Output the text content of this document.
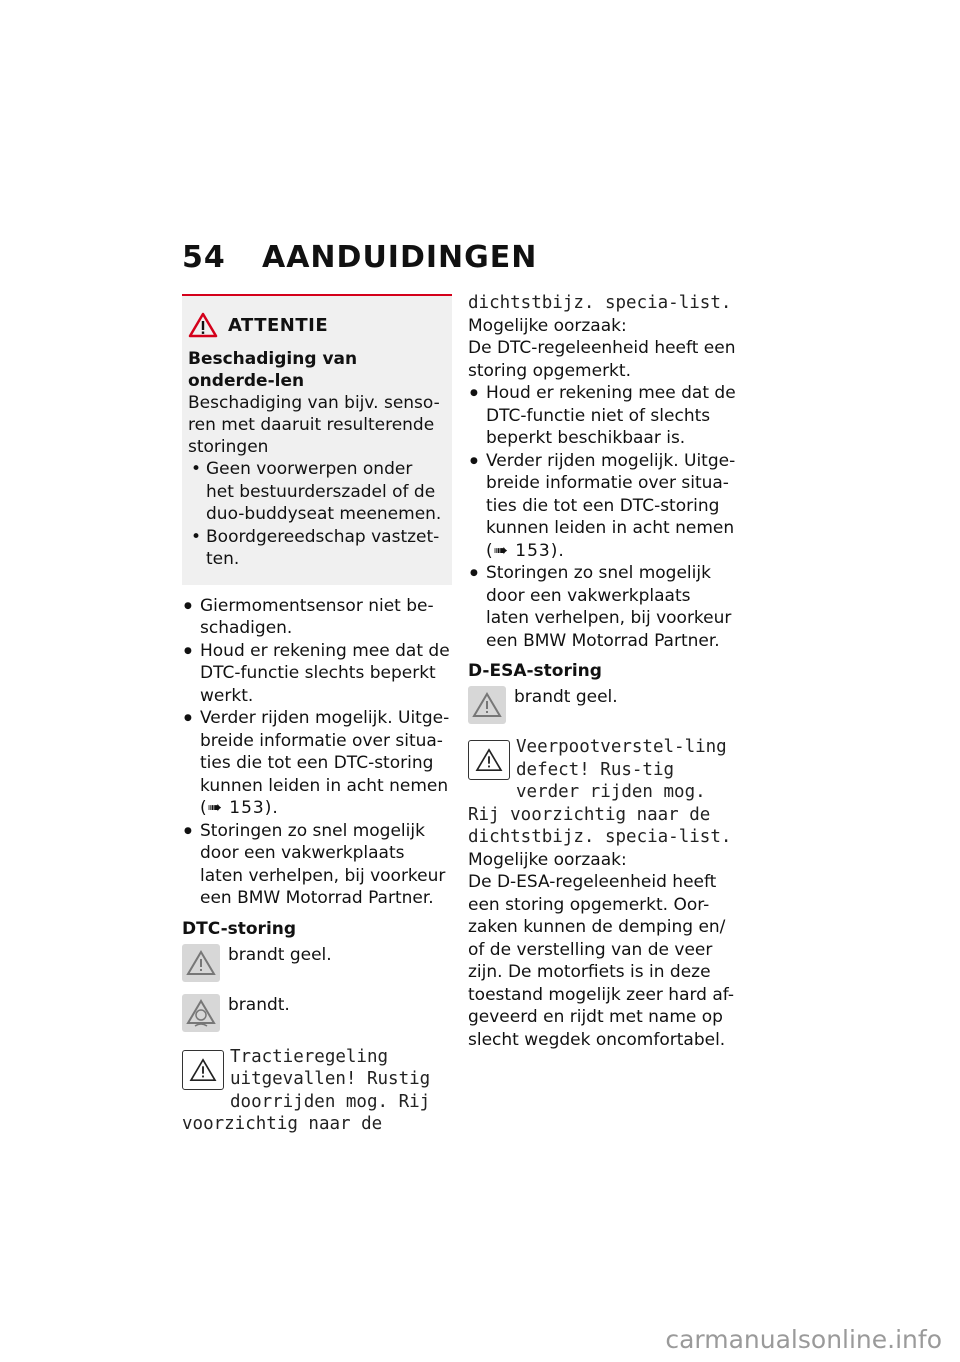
54 AANDUIDINGEN
ATTENTIE
Beschadiging van onderde-len
Beschadiging van bijv. senso-ren met daaruit resulterende storingen
• Geen voorwerpen onder het bestuurderszadel of de duo-buddyseat meenemen.
• Boordgereedschap vastzet-ten.
● Giermomentsensor niet be-schadigen.
● Houd er rekening mee dat de DTC-functie slechts beperkt werkt.
● Verder rijden mogelijk. Uitge-breide informatie over situa-ties die tot een DTC-storing kunnen leiden in acht nemen
(➠ 153).
● Storingen zo snel mogelijk door een vakwerkplaats laten verhelpen, bij voorkeur een BMW Motorrad Partner.
DTC-storing
brandt geel.
brandt.
Tractieregeling uitgevallen! Rustig doorrijden mog. Rij voorzichtig naar de
dichtstbijz. specia-list.
Mogelijke oorzaak:
De DTC-regeleenheid heeft een storing opgemerkt.
● Houd er rekening mee dat de DTC-functie niet of slechts beperkt beschikbaar is.
● Verder rijden mogelijk. Uitge-breide informatie over situa-ties die tot een DTC-storing kunnen leiden in acht nemen
(➠ 153).
● Storingen zo snel mogelijk door een vakwerkplaats laten verhelpen, bij voorkeur een BMW Motorrad Partner.
D-ESA-storing
brandt geel.
Veerpootverstel-ling defect! Rus-tig verder rijden mog. Rij voorzichtig naar de dichtstbijz. specia-list.
Mogelijke oorzaak:
De D-ESA-regeleenheid heeft een storing opgemerkt. Oor-zaken kunnen de demping en/ of de verstelling van de veer zijn. De motorfiets is in deze toestand mogelijk zeer hard af-geveerd en rijdt met name op slecht wegdek oncomfortabel.
carmanualsonline.info
